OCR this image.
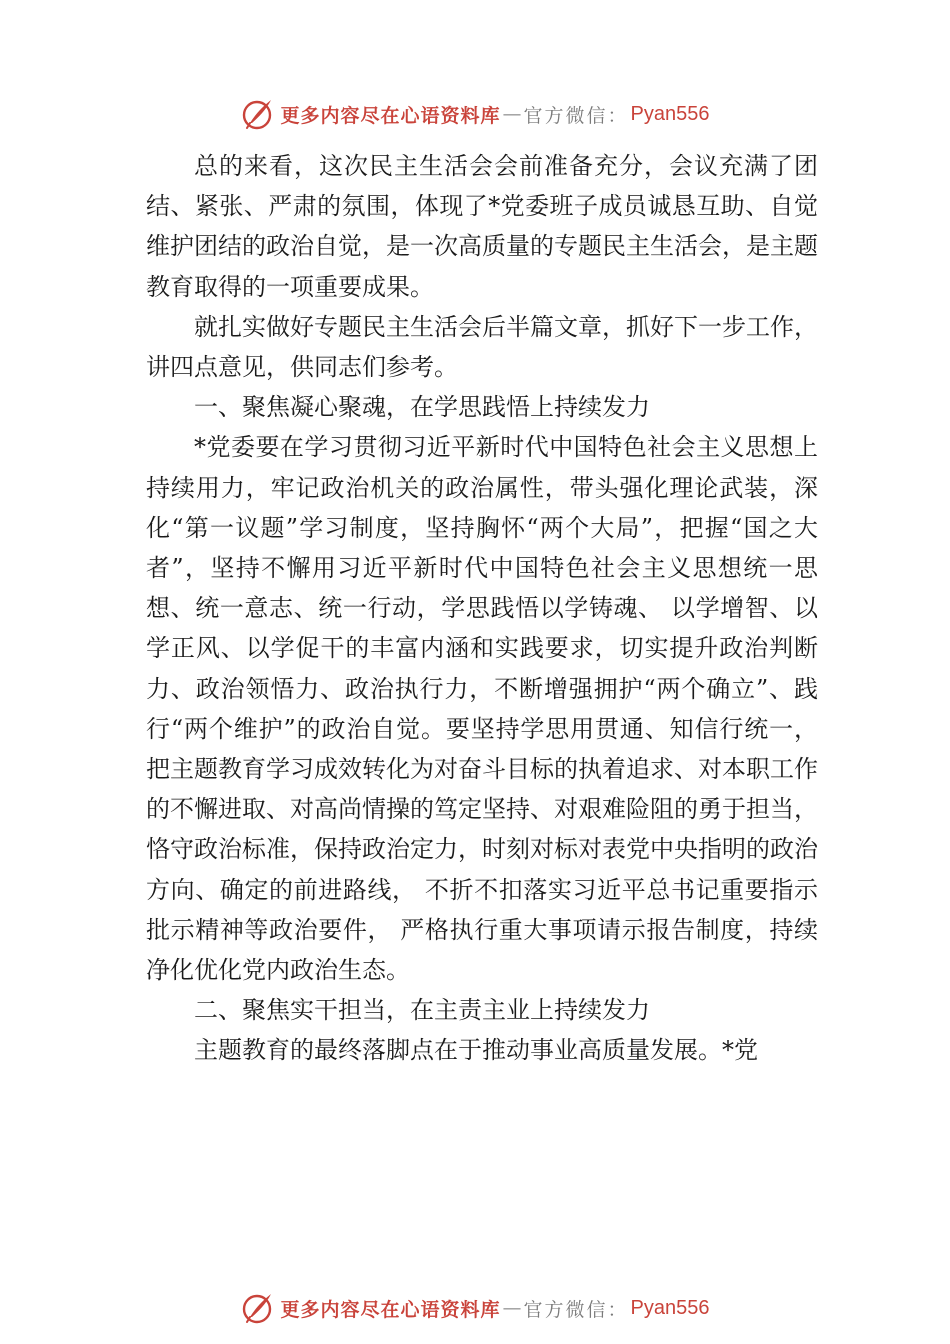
更多内容尽在心语资料库 — 官方微信： Pyan556

总的来看，这次民主生活会会前准备充分，会议充满了团结、紧张、严肃的氛围，体现了*党委班子成员诚恳互助、自觉维护团结的政治自觉，是一次高质量的专题民主生活会，是主题教育取得的一项重要成果。

就扎实做好专题民主生活会后半篇文章，抓好下一步工作，讲四点意见，供同志们参考。

一、聚焦凝心聚魂，在学思践悟上持续发力

*党委要在学习贯彻习近平新时代中国特色社会主义思想上持续用力，牢记政治机关的政治属性，带头强化理论武装，深化“第一议题”学习制度，坚持胸怀“两个大局”，把握“国之大者”，坚持不懈用习近平新时代中国特色社会主义思想统一思想、统一意志、统一行动，学思践悟以学铸魂、 以学增智、以学正风、以学促干的丰富内涵和实践要求，切实提升政治判断力、政治领悟力、政治执行力，不断增强拥护“两个确立”、践行“两个维护”的政治自觉。要坚持学思用贯通、知信行统一，把主题教育学习成效转化为对奋斗目标的执着追求、对本职工作的不懈进取、对高尚情操的笃定坚持、对艰难险阻的勇于担当，恪守政治标准，保持政治定力，时刻对标对表党中央指明的政治方向、确定的前进路线， 不折不扣落实习近平总书记重要指示批示精神等政治要件， 严格执行重大事项请示报告制度，持续净化优化党内政治生态。

二、聚焦实干担当，在主责主业上持续发力

主题教育的最终落脚点在于推动事业高质量发展。*党

更多内容尽在心语资料库 — 官方微信： Pyan556
